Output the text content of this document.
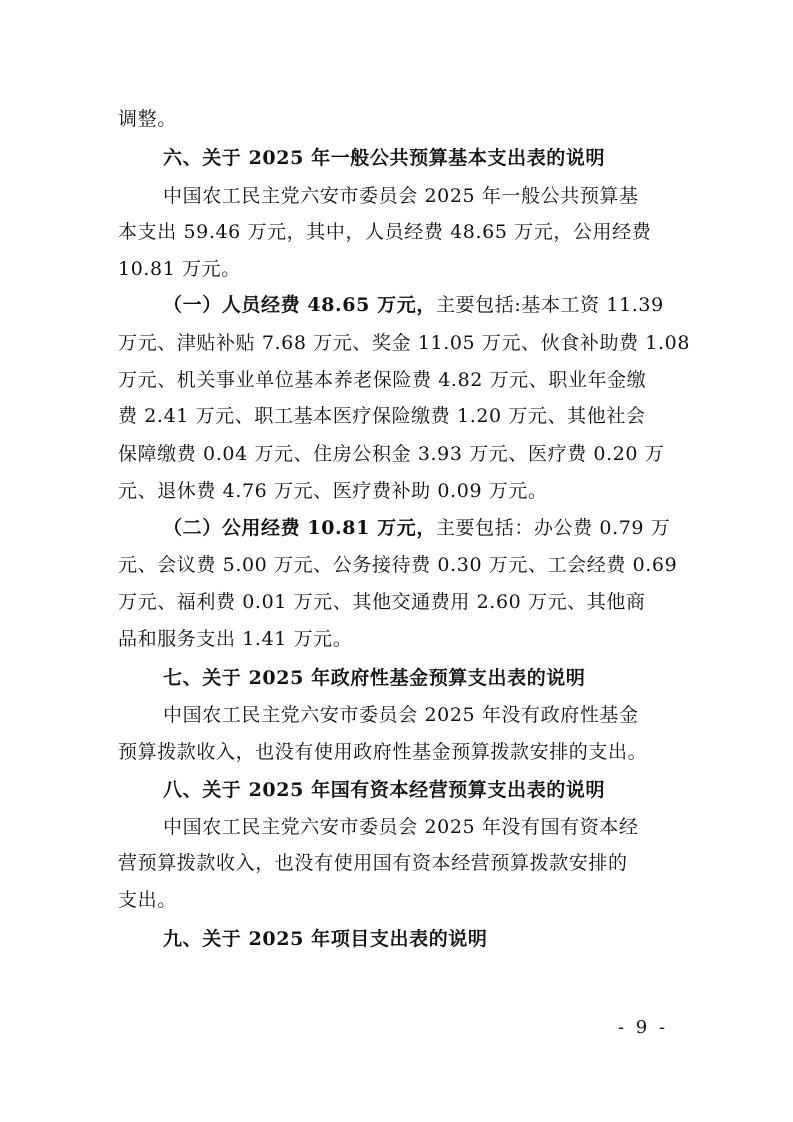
调整。
六、关于 2025 年一般公共预算基本支出表的说明
中国农工民主党六安市委员会 2025 年一般公共预算基
本支出 59.46 万元，其中，人员经费 48.65 万元，公用经费
10.81 万元。
（一）人员经费 48.65 万元，主要包括:基本工资 11.39
万元、津贴补贴 7.68 万元、奖金 11.05 万元、伙食补助费 1.08
万元、机关事业单位基本养老保险费 4.82 万元、职业年金缴
费 2.41 万元、职工基本医疗保险缴费 1.20 万元、其他社会
保障缴费 0.04 万元、住房公积金 3.93 万元、医疗费 0.20 万
元、退休费 4.76 万元、医疗费补助 0.09 万元。
（二）公用经费 10.81 万元，主要包括：办公费 0.79 万
元、会议费 5.00 万元、公务接待费 0.30 万元、工会经费 0.69
万元、福利费 0.01 万元、其他交通费用 2.60 万元、其他商
品和服务支出 1.41 万元。
七、关于 2025 年政府性基金预算支出表的说明
中国农工民主党六安市委员会 2025 年没有政府性基金
预算拨款收入，也没有使用政府性基金预算拨款安排的支出。
八、关于 2025 年国有资本经营预算支出表的说明
中国农工民主党六安市委员会 2025 年没有国有资本经
营预算拨款收入，也没有使用国有资本经营预算拨款安排的
支出。
九、关于 2025 年项目支出表的说明
- 9 -
